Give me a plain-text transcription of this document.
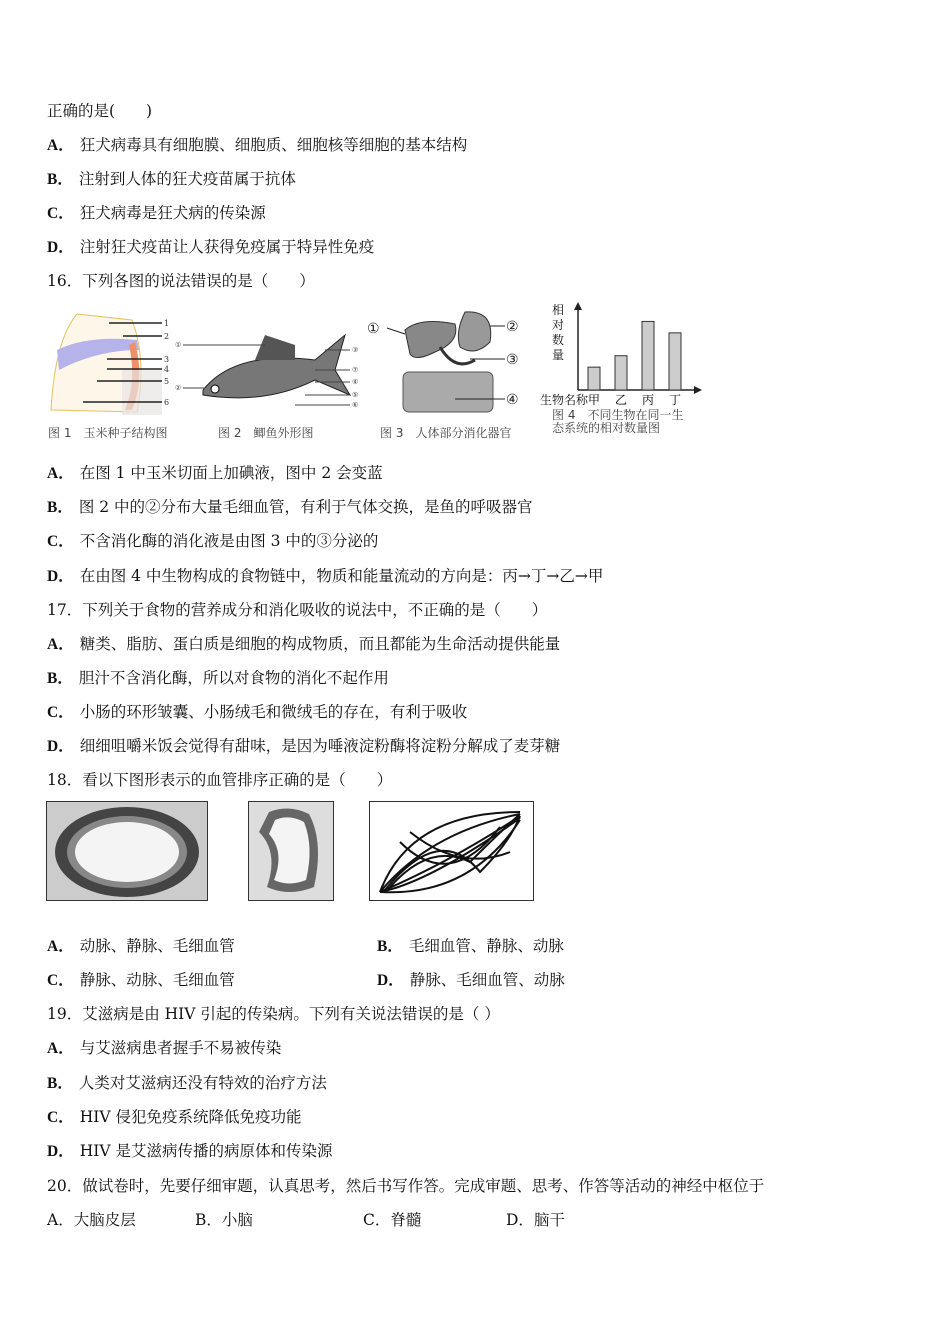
正确的是(　　)
A． 狂犬病毒具有细胞膜、细胞质、细胞核等细胞的基本结构
B． 注射到人体的狂犬疫苗属于抗体
C． 狂犬病毒是狂犬病的传染源
D． 注射狂犬疫苗让人获得免疫属于特异性免疫
16．下列各图的说法错误的是（　　）
1
2
3
4
5
6
图 1　玉米种子结构图
①
②
③
⑦
④
⑤
⑥
图 2　鲫鱼外形图
①	②
③
④
图 3　人体部分消化器官
甲 乙 丙 丁
相对数量
生物名称
图 4　不同生物在同一生
态系统的相对数量图
A． 在图 1 中玉米切面上加碘液，图中 2 会变蓝
B． 图 2 中的②分布大量毛细血管，有利于气体交换，是鱼的呼吸器官
C． 不含消化酶的消化液是由图 3 中的③分泌的
D． 在由图 4 中生物构成的食物链中，物质和能量流动的方向是：丙→丁→乙→甲
17．下列关于食物的营养成分和消化吸收的说法中，不正确的是（　　）
A． 糖类、脂肪、蛋白质是细胞的构成物质，而且都能为生命活动提供能量
B． 胆汁不含消化酶，所以对食物的消化不起作用
C． 小肠的环形皱囊、小肠绒毛和微绒毛的存在，有利于吸收
D． 细细咀嚼米饭会觉得有甜味，是因为唾液淀粉酶将淀粉分解成了麦芽糖
18．看以下图形表示的血管排序正确的是（　　）
A． 动脉、静脉、毛细血管	B． 毛细血管、静脉、动脉
C． 静脉、动脉、毛细血管	D． 静脉、毛细血管、动脉
19．艾滋病是由 HIV 引起的传染病。下列有关说法错误的是（ ）
A． 与艾滋病患者握手不易被传染
B． 人类对艾滋病还没有特效的治疗方法
C． HIV 侵犯免疫系统降低免疫功能
D． HIV 是艾滋病传播的病原体和传染源
20．做试卷时，先要仔细审题，认真思考，然后书写作答。完成审题、思考、作答等活动的神经中枢位于
A．大脑皮层	B．小脑	C．脊髓	D．脑干
